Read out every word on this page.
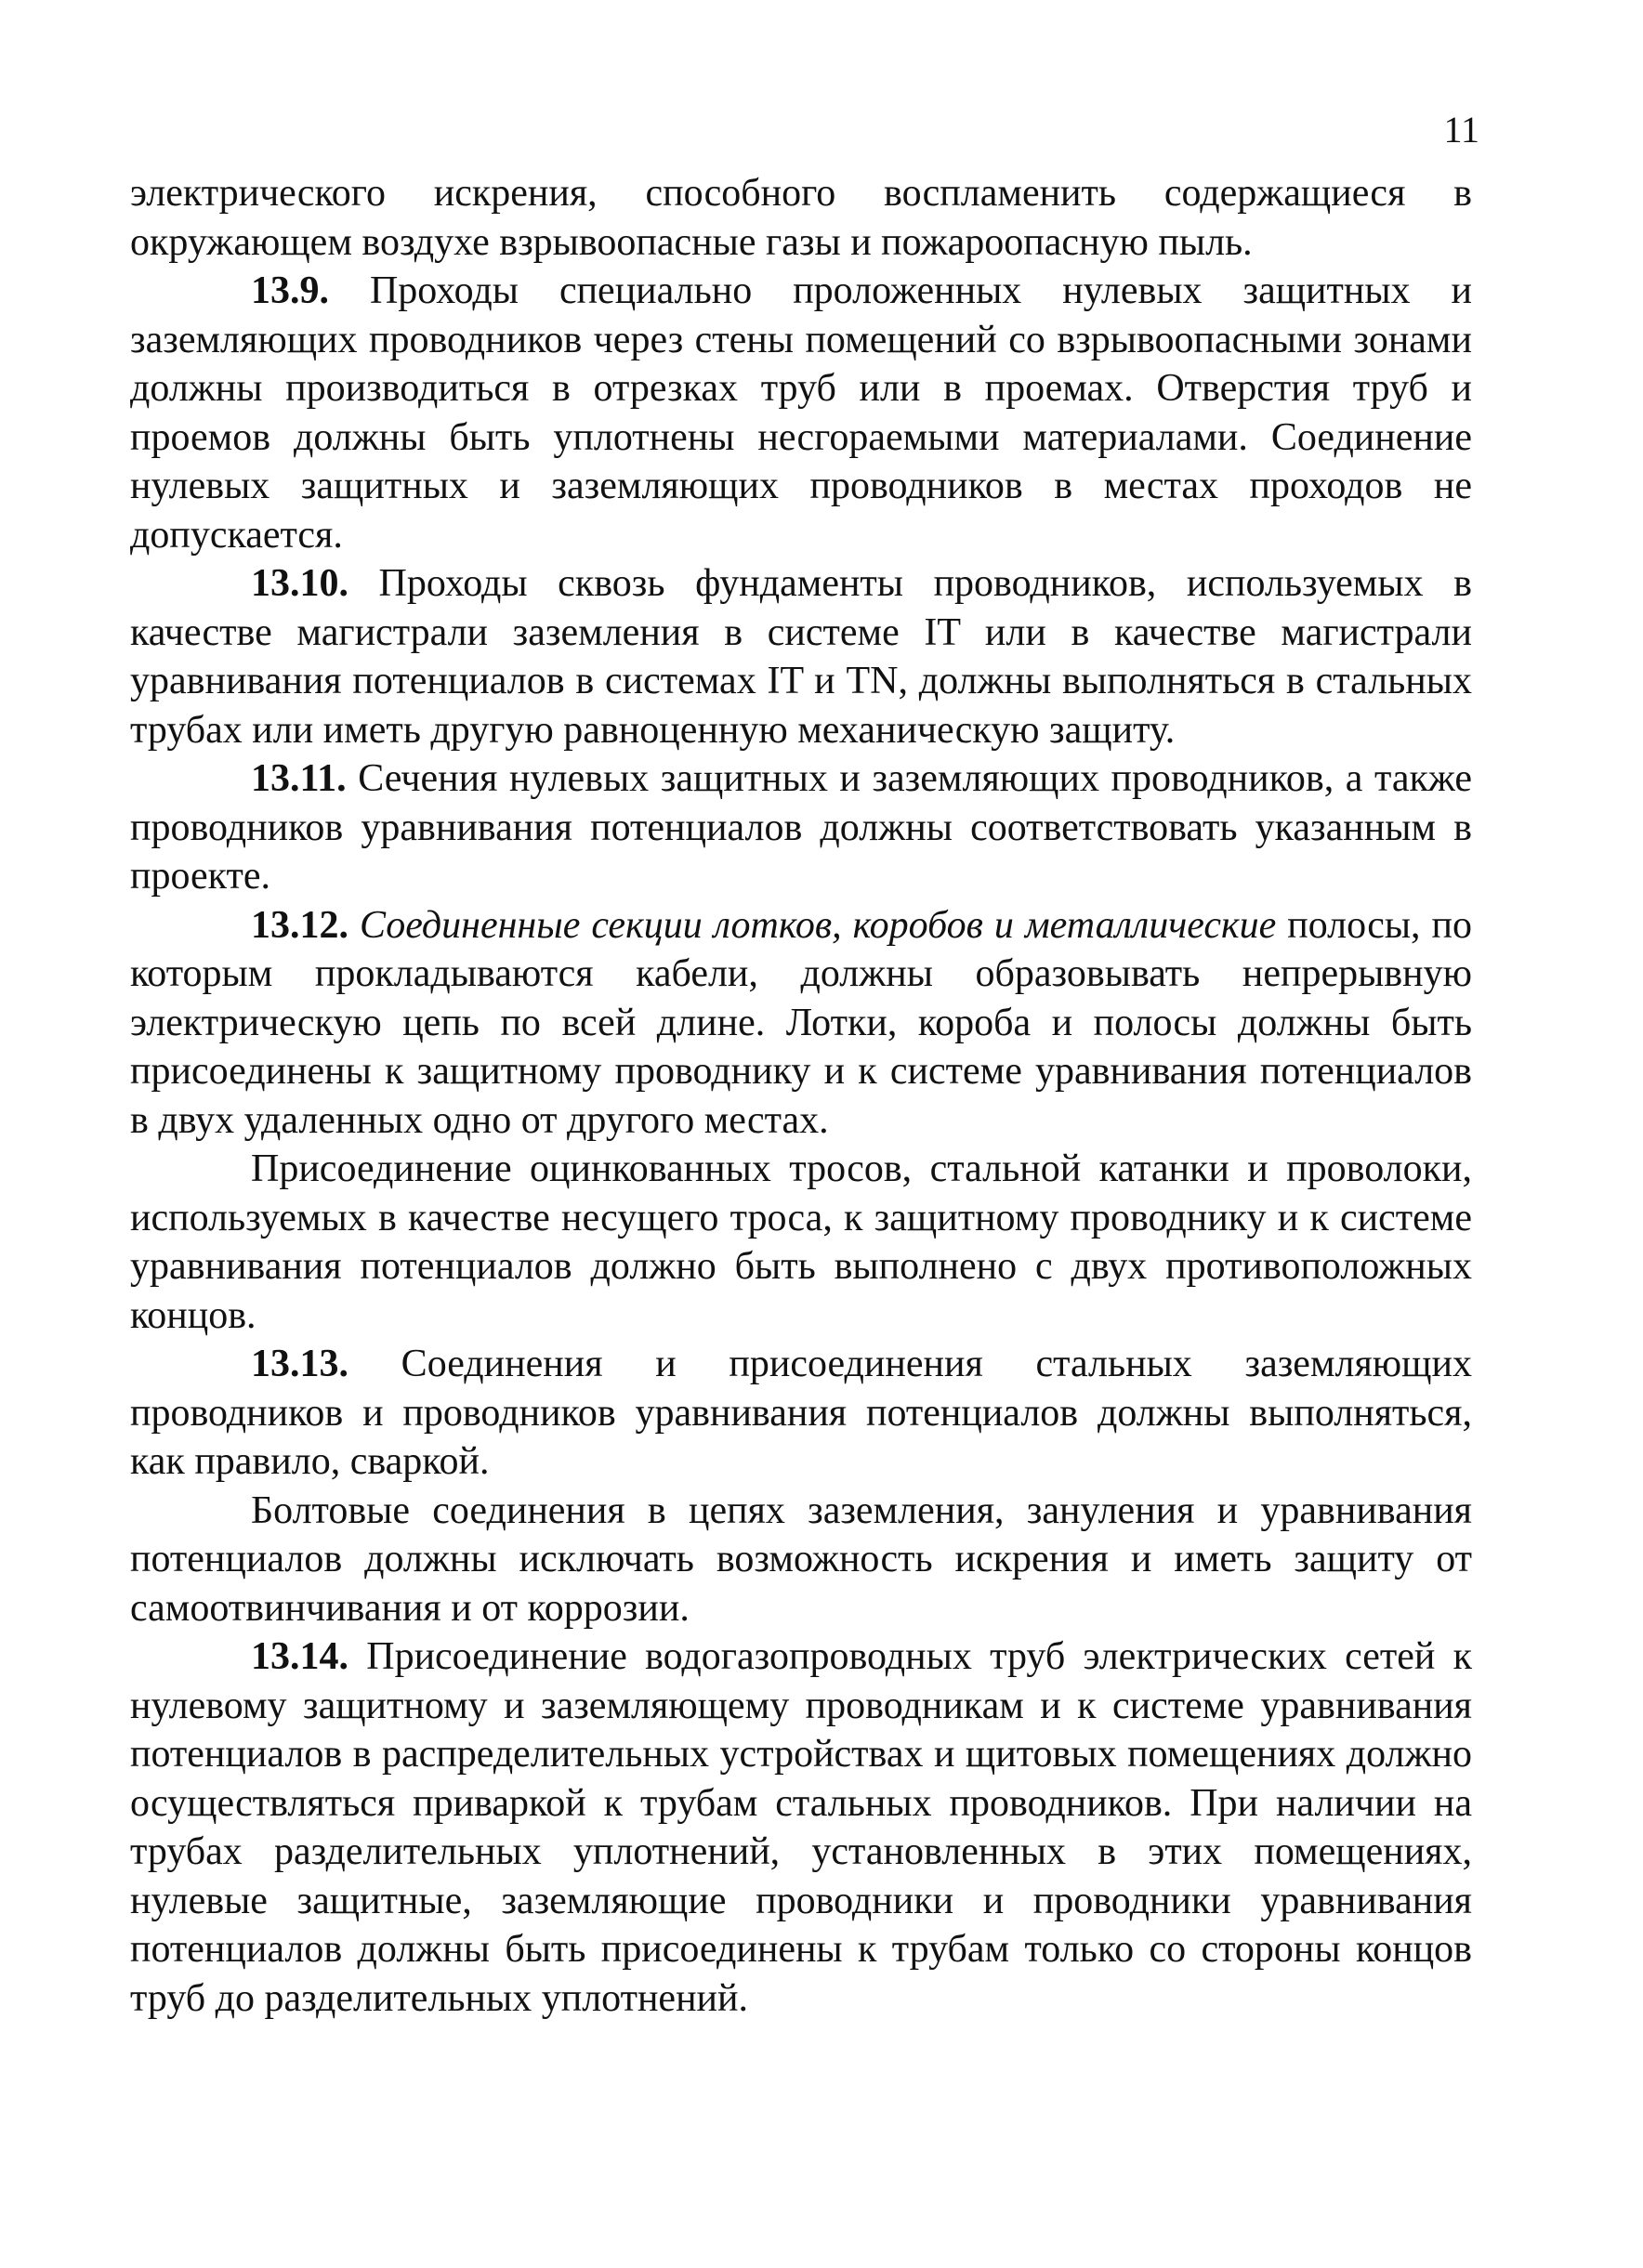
11

электрического искрения, способного воспламенить содержащиеся в окружающем воздухе взрывоопасные газы и пожароопасную пыль.

13.9. Проходы специально проложенных нулевых защитных и заземляющих проводников через стены помещений со взрывоопасными зонами должны производиться в отрезках труб или в проемах. Отверстия труб и проемов должны быть уплотнены несгораемыми материалами. Соединение нулевых защитных и заземляющих проводников в местах проходов не допускается.

13.10. Проходы сквозь фундаменты проводников, используемых в качестве магистрали заземления в системе IT или в качестве магистрали уравнивания потенциалов в системах IT и TN, должны выполняться в стальных трубах или иметь другую равноценную механическую защиту.

13.11. Сечения нулевых защитных и заземляющих проводников, а также проводников уравнивания потенциалов должны соответствовать указанным в проекте.

13.12. Соединенные секции лотков, коробов и металлические полосы, по которым прокладываются кабели, должны образовывать непрерывную электрическую цепь по всей длине. Лотки, короба и полосы должны быть присоединены к защитному проводнику и к системе уравнивания потенциалов в двух удаленных одно от другого местах.

Присоединение оцинкованных тросов, стальной катанки и проволоки, используемых в качестве несущего троса, к защитному проводнику и к системе уравнивания потенциалов должно быть выполнено с двух противоположных концов.

13.13. Соединения и присоединения стальных заземляющих проводников и проводников уравнивания потенциалов должны выполняться, как правило, сваркой.

Болтовые соединения в цепях заземления, зануления и уравнивания потенциалов должны исключать возможность искрения и иметь защиту от самоотвинчивания и от коррозии.

13.14. Присоединение водогазопроводных труб электрических сетей к нулевому защитному и заземляющему проводникам и к системе уравнивания потенциалов в распределительных устройствах и щитовых помещениях должно осуществляться приваркой к трубам стальных проводников. При наличии на трубах разделительных уплотнений, установленных в этих помещениях, нулевые защитные, заземляющие проводники и проводники уравнивания потенциалов должны быть присоединены к трубам только со стороны концов труб до разделительных уплотнений.
